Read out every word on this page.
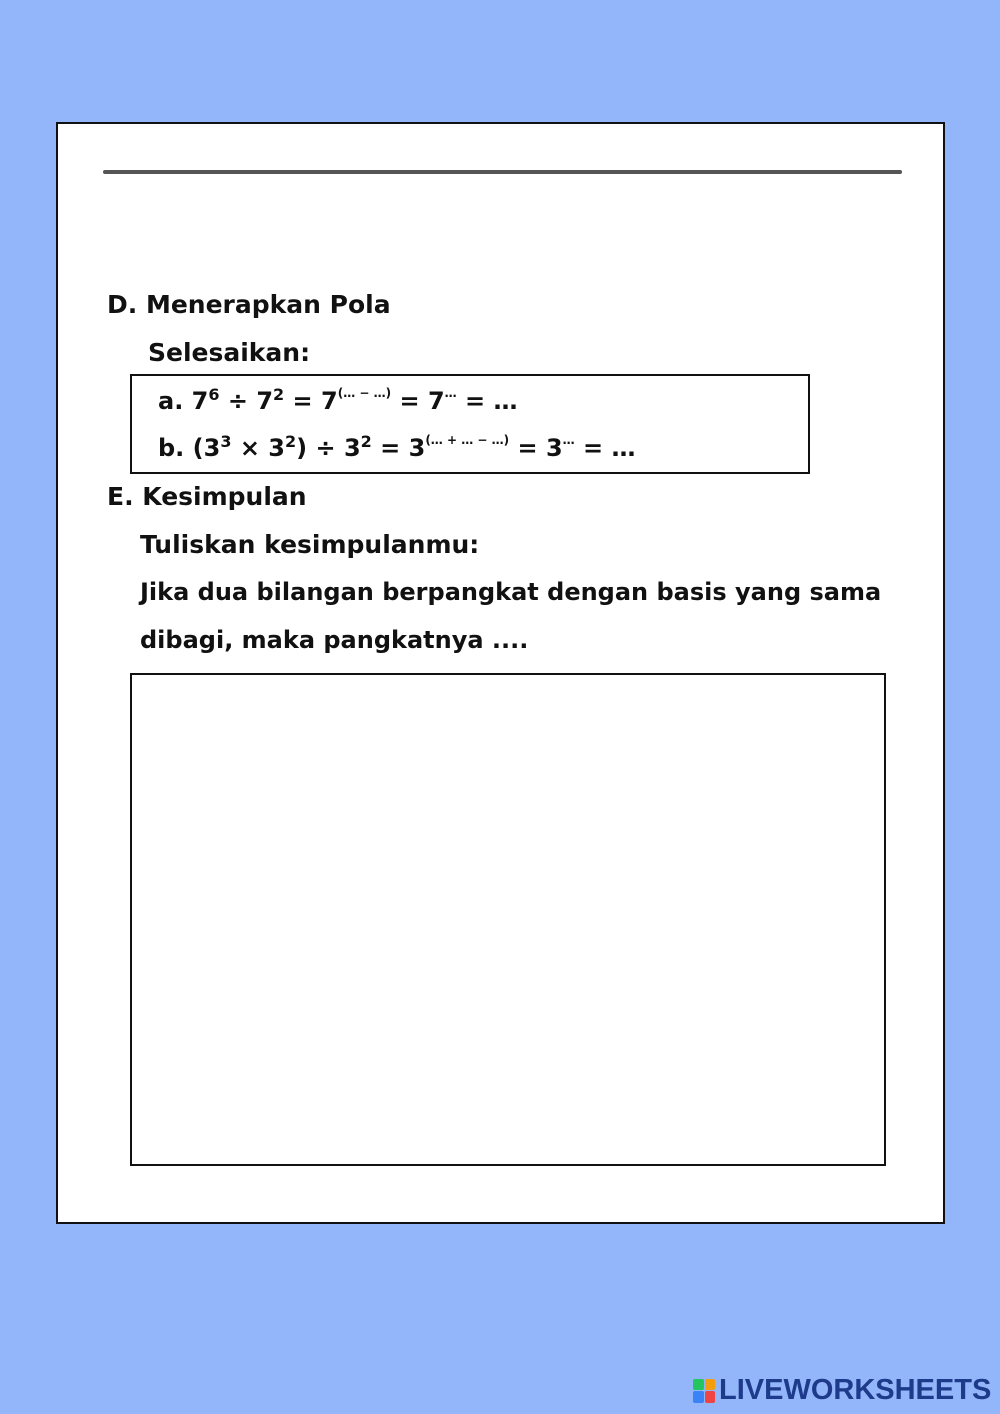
D. Menerapkan Pola
Selesaikan:
a. $7^6 \div 7^2 = 7^{(\dots - \dots)} = 7^\dots$ = …
b. $(3^3 \times 3^2) \div 3^2 = 3^{(\dots + \dots - \dots)} = 3^\dots$ = …
E. Kesimpulan
Tuliskan kesimpulanmu:
Jika dua bilangan berpangkat dengan basis yang sama
dibagi, maka pangkatnya ....
LIVEWORKSHEETS
